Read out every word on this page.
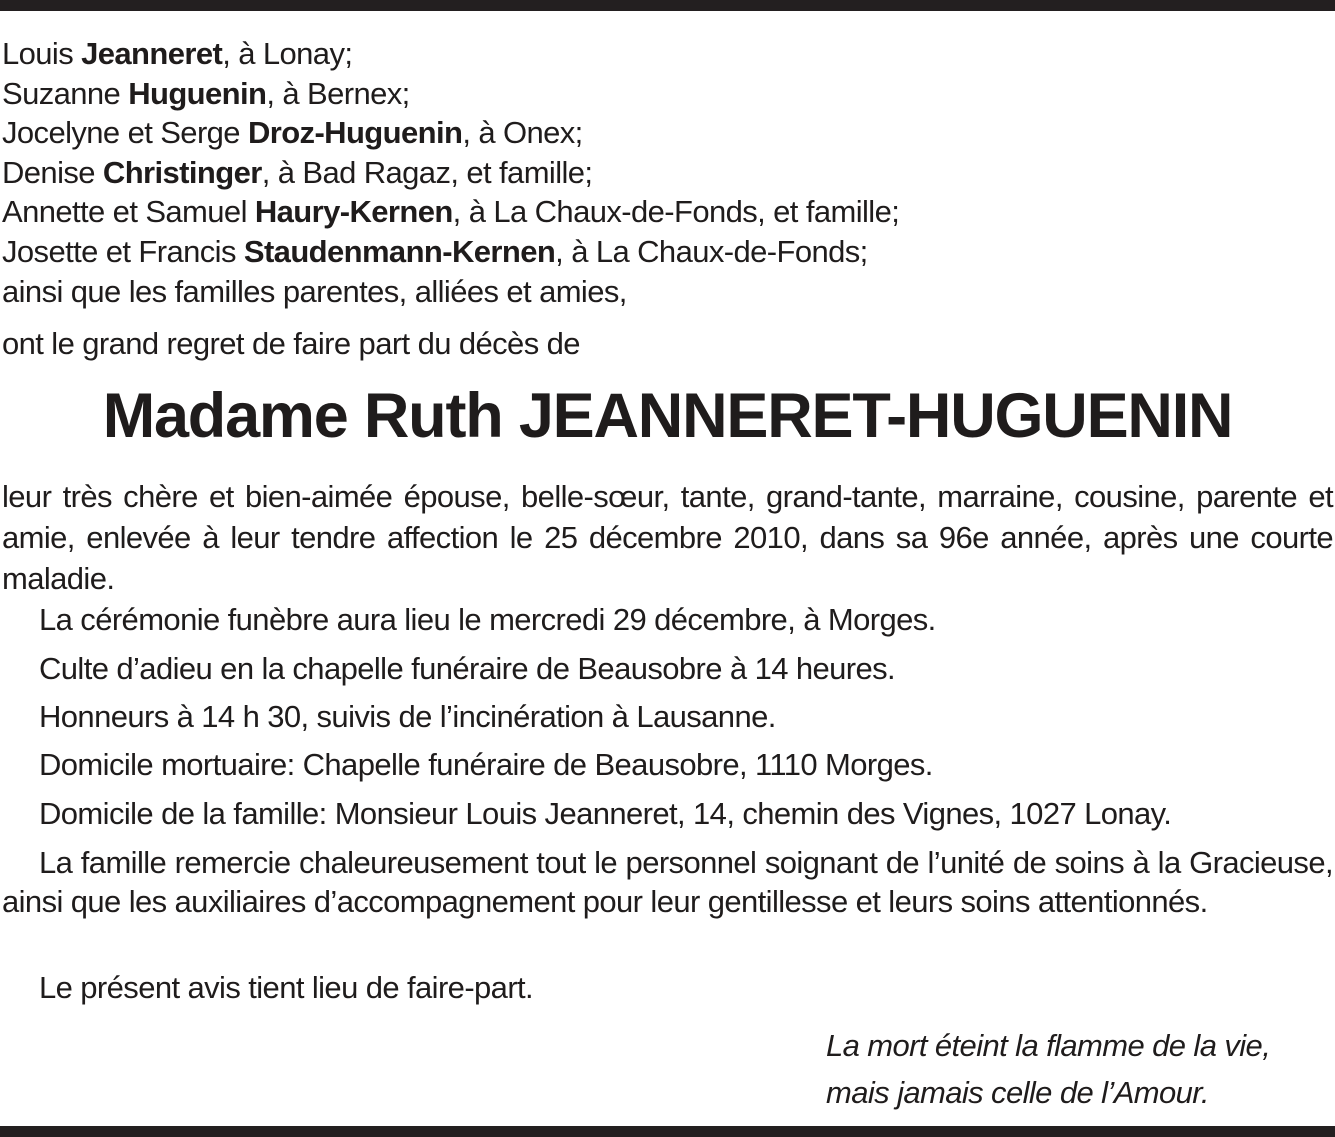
Louis Jeanneret, à Lonay;
Suzanne Huguenin, à Bernex;
Jocelyne et Serge Droz-Huguenin, à Onex;
Denise Christinger, à Bad Ragaz, et famille;
Annette et Samuel Haury-Kernen, à La Chaux-de-Fonds, et famille;
Josette et Francis Staudenmann-Kernen, à La Chaux-de-Fonds;
ainsi que les familles parentes, alliées et amies,
ont le grand regret de faire part du décès de
Madame Ruth JEANNERET-HUGUENIN
leur très chère et bien-aimée épouse, belle-sœur, tante, grand-tante, marraine, cousine, parente et amie, enlevée à leur tendre affection le 25 décembre 2010, dans sa 96e année, après une courte maladie.
La cérémonie funèbre aura lieu le mercredi 29 décembre, à Morges.
Culte d’adieu en la chapelle funéraire de Beausobre à 14 heures.
Honneurs à 14 h 30, suivis de l’incinération à Lausanne.
Domicile mortuaire: Chapelle funéraire de Beausobre, 1110 Morges.
Domicile de la famille: Monsieur Louis Jeanneret, 14, chemin des Vignes, 1027 Lonay.
La famille remercie chaleureusement tout le personnel soignant de l’unité de soins à la Gracieuse, ainsi que les auxiliaires d’accompagnement pour leur gentillesse et leurs soins attentionnés.
Le présent avis tient lieu de faire-part.
La mort éteint la flamme de la vie,
mais jamais celle de l’Amour.
